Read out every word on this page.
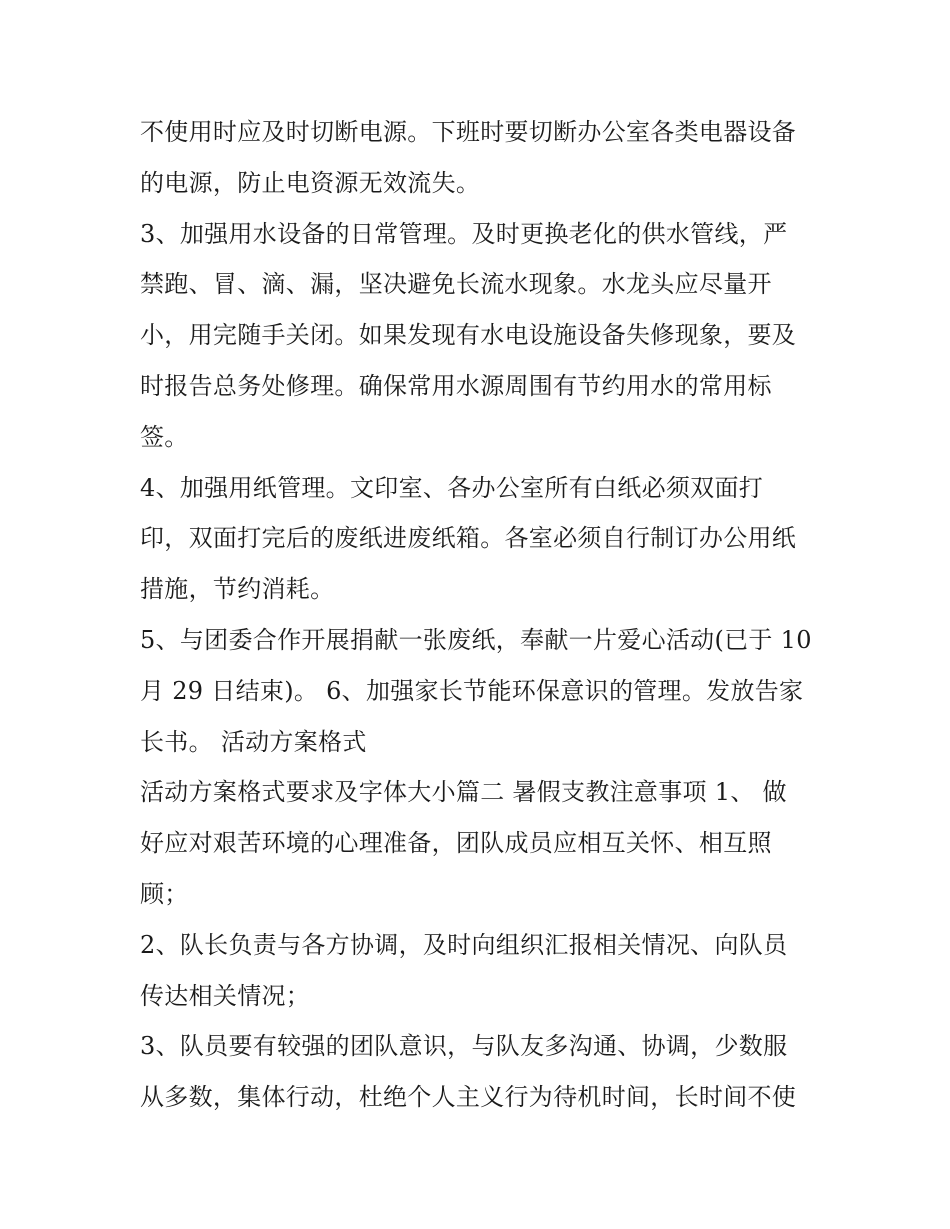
不使用时应及时切断电源。下班时要切断办公室各类电器设备
的电源，防止电资源无效流失。
3、加强用水设备的日常管理。及时更换老化的供水管线，严
禁跑、冒、滴、漏，坚决避免长流水现象。水龙头应尽量开
小，用完随手关闭。如果发现有水电设施设备失修现象，要及
时报告总务处修理。确保常用水源周围有节约用水的常用标
签。
4、加强用纸管理。文印室、各办公室所有白纸必须双面打
印，双面打完后的废纸进废纸箱。各室必须自行制订办公用纸
措施，节约消耗。
5、与团委合作开展捐献一张废纸，奉献一片爱心活动(已于 10
月 29 日结束)。 6、加强家长节能环保意识的管理。发放告家
长书。 活动方案格式
活动方案格式要求及字体大小篇二 暑假支教注意事项 1、 做
好应对艰苦环境的心理准备，团队成员应相互关怀、相互照
顾；
2、队长负责与各方协调，及时向组织汇报相关情况、向队员
传达相关情况；
3、队员要有较强的团队意识，与队友多沟通、协调，少数服
从多数，集体行动，杜绝个人主义行为待机时间，长时间不使
